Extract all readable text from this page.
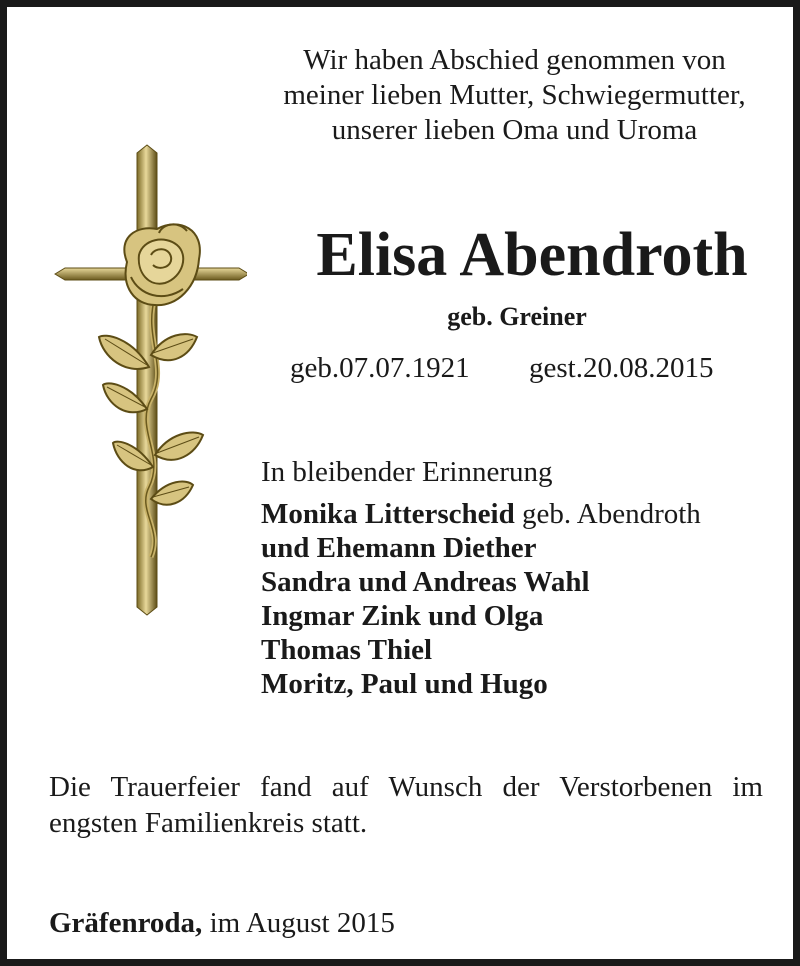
Wir haben Abschied genommen von
meiner lieben Mutter, Schwiegermutter,
unserer lieben Oma und Uroma
Elisa Abendroth
geb. Greiner
geb.07.07.1921 gest.20.08.2015
In bleibender Erinnerung
Monika Litterscheid geb. Abendroth
und Ehemann Diether
Sandra und Andreas Wahl
Ingmar Zink und Olga
Thomas Thiel
Moritz, Paul und Hugo
Die Trauerfeier fand auf Wunsch der Verstorbenen im
engsten Familienkreis statt.
Gräfenroda, im August 2015
